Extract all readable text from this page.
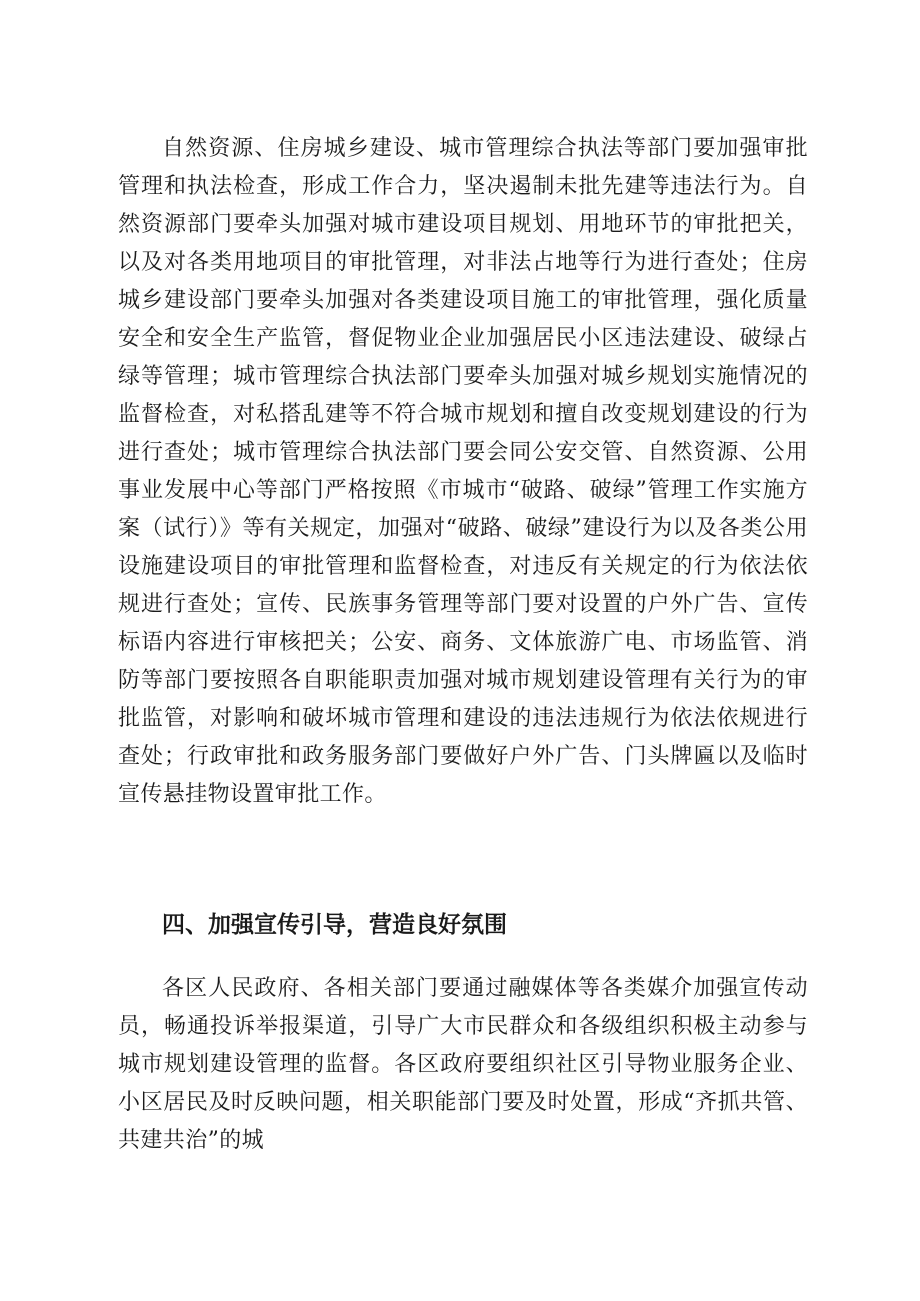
自然资源、住房城乡建设、城市管理综合执法等部门要加强审批管理和执法检查，形成工作合力，坚决遏制未批先建等违法行为。自然资源部门要牵头加强对城市建设项目规划、用地环节的审批把关，以及对各类用地项目的审批管理，对非法占地等行为进行查处；住房城乡建设部门要牵头加强对各类建设项目施工的审批管理，强化质量安全和安全生产监管，督促物业企业加强居民小区违法建设、破绿占绿等管理；城市管理综合执法部门要牵头加强对城乡规划实施情况的监督检查，对私搭乱建等不符合城市规划和擅自改变规划建设的行为进行查处；城市管理综合执法部门要会同公安交管、自然资源、公用事业发展中心等部门严格按照《市城市“破路、破绿”管理工作实施方案（试行）》等有关规定，加强对“破路、破绿”建设行为以及各类公用设施建设项目的审批管理和监督检查，对违反有关规定的行为依法依规进行查处；宣传、民族事务管理等部门要对设置的户外广告、宣传标语内容进行审核把关；公安、商务、文体旅游广电、市场监管、消防等部门要按照各自职能职责加强对城市规划建设管理有关行为的审批监管，对影响和破坏城市管理和建设的违法违规行为依法依规进行查处；行政审批和政务服务部门要做好户外广告、门头牌匾以及临时宣传悬挂物设置审批工作。

四、加强宣传引导，营造良好氛围

各区人民政府、各相关部门要通过融媒体等各类媒介加强宣传动员，畅通投诉举报渠道，引导广大市民群众和各级组织积极主动参与城市规划建设管理的监督。各区政府要组织社区引导物业服务企业、小区居民及时反映问题，相关职能部门要及时处置，形成“齐抓共管、共建共治”的城
